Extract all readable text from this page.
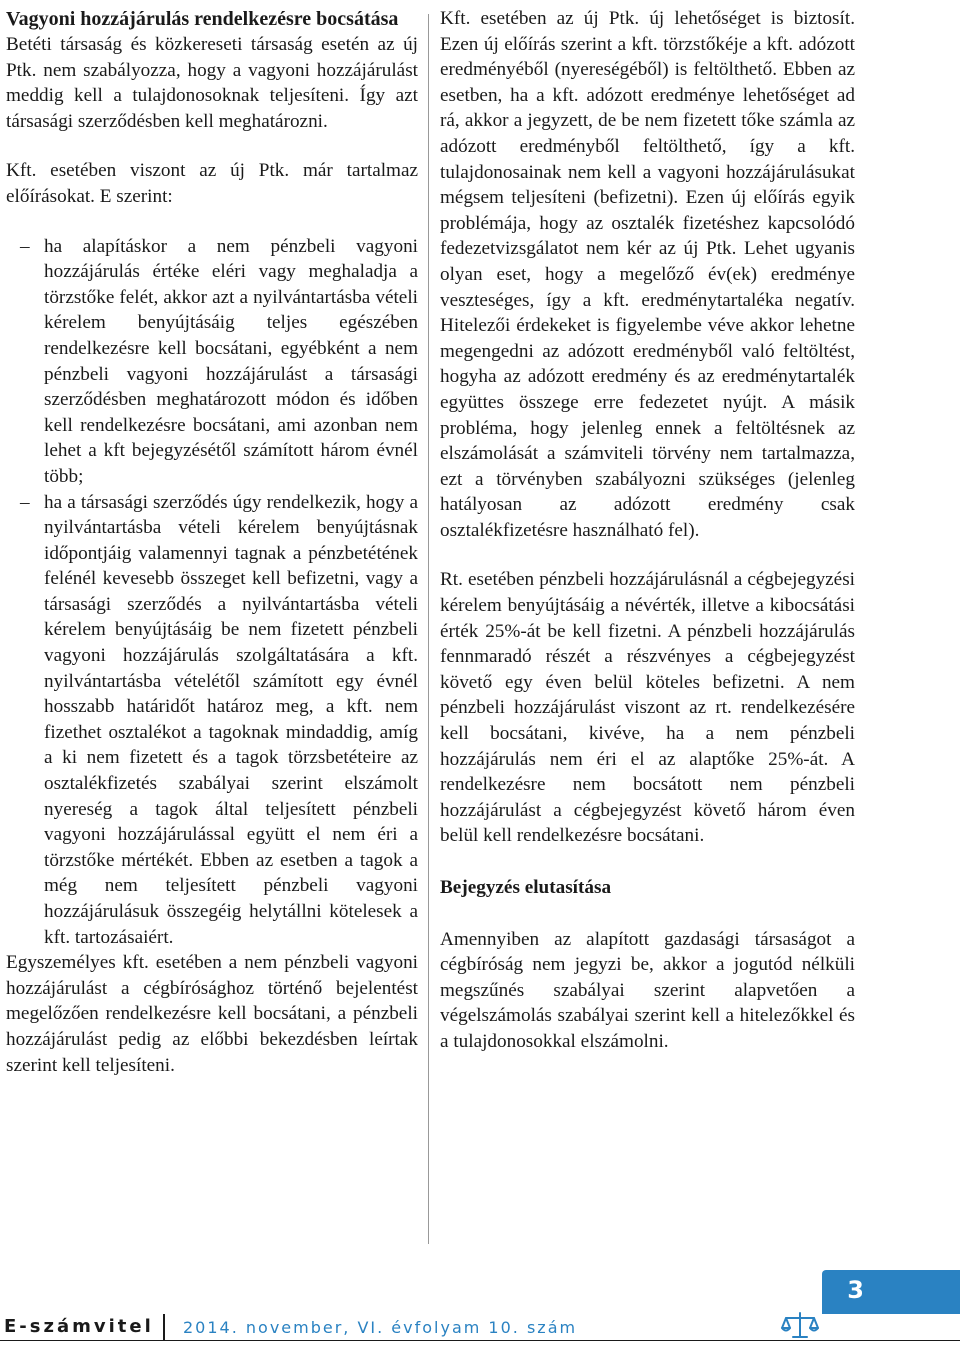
Vagyoni hozzájárulás rendelkezésre bocsátása

Betéti társaság és közkereseti társaság esetén az új Ptk. nem szabályozza, hogy a vagyoni hozzájárulást meddig kell a tulajdonosoknak teljesíteni. Így azt társasági szerződésben kell meghatározni.

Kft. esetében viszont az új Ptk. már tartalmaz előírásokat. E szerint:

– ha alapításkor a nem pénzbeli vagyoni hozzájárulás értéke eléri vagy meghaladja a törzstőke felét, akkor azt a nyilvántartásba vételi kérelem benyújtásáig teljes egészében rendelkezésre kell bocsátani, egyébként a nem pénzbeli vagyoni hozzájárulást a társasági szerződésben meghatározott módon és időben kell rendelkezésre bocsátani, ami azonban nem lehet a kft bejegyzésétől számított három évnél több;
– ha a társasági szerződés úgy rendelkezik, hogy a nyilvántartásba vételi kérelem benyújtásnak időpontjáig valamennyi tagnak a pénzbetétének felénél kevesebb összeget kell befizetni, vagy a társasági szerződés a nyilvántartásba vételi kérelem benyújtásáig be nem fizetett pénzbeli vagyoni hozzájárulás szolgáltatására a kft. nyilvántartásba vételétől számított egy évnél hosszabb határidőt határoz meg, a kft. nem fizethet osztalékot a tagoknak mindaddig, amíg a ki nem fizetett és a tagok törzsbetéteire az osztalékfizetés szabályai szerint elszámolt nyereség a tagok által teljesített pénzbeli vagyoni hozzájárulással együtt el nem éri a törzstőke mértékét. Ebben az esetben a tagok a még nem teljesített pénzbeli vagyoni hozzájárulásuk összegéig helytállni kötelesek a kft. tartozásaiért.

Egyszemélyes kft. esetében a nem pénzbeli vagyoni hozzájárulást a cégbírósághoz történő bejelentést megelőzően rendelkezésre kell bocsátani, a pénzbeli hozzájárulást pedig az előbbi bekezdésben leírtak szerint kell teljesíteni.

Kft. esetében az új Ptk. új lehetőséget is biztosít. Ezen új előírás szerint a kft. törzstőkéje a kft. adózott eredményéből (nyereségéből) is feltölthető. Ebben az esetben, ha a kft. adózott eredménye lehetőséget ad rá, akkor a jegyzett, de be nem fizetett tőke számla az adózott eredményből feltölthető, így a kft. tulajdonosainak nem kell a vagyoni hozzájárulásukat mégsem teljesíteni (befizetni). Ezen új előírás egyik problémája, hogy az osztalék fizetéshez kapcsolódó fedezetvizsgálatot nem kér az új Ptk. Lehet ugyanis olyan eset, hogy a megelőző év(ek) eredménye veszteséges, így a kft. eredménytartaléka negatív. Hitelezői érdekeket is figyelembe véve akkor lehetne megengedni az adózott eredményből való feltöltést, hogyha az adózott eredmény és az eredménytartalék együttes összege erre fedezetet nyújt. A másik probléma, hogy jelenleg ennek a feltöltésnek az elszámolását a számviteli törvény nem tartalmazza, ezt a törvényben szabályozni szükséges (jelenleg hatályosan az adózott eredmény csak osztalékfizetésre használható fel).

Rt. esetében pénzbeli hozzájárulásnál a cégbejegyzési kérelem benyújtásáig a névérték, illetve a kibocsátási érték 25%-át be kell fizetni. A pénzbeli hozzájárulás fennmaradó részét a részvényes a cégbejegyzést követő egy éven belül köteles befizetni. A nem pénzbeli hozzájárulást viszont az rt. rendelkezésére kell bocsátani, kivéve, ha a nem pénzbeli hozzájárulás nem éri el az alaptőke 25%-át. A rendelkezésre nem bocsátott nem pénzbeli hozzájárulást a cégbejegyzést követő három éven belül kell rendelkezésre bocsátani.

Bejegyzés elutasítása

Amennyiben az alapított gazdasági társaságot a cégbíróság nem jegyzi be, akkor a jogutód nélküli megszűnés szabályai szerint alapvetően a végelszámolás szabályai szerint kell a hitelezőkkel és a tulajdonosokkal elszámolni.

E-számvitel 2014. november, VI. évfolyam 10. szám
3
